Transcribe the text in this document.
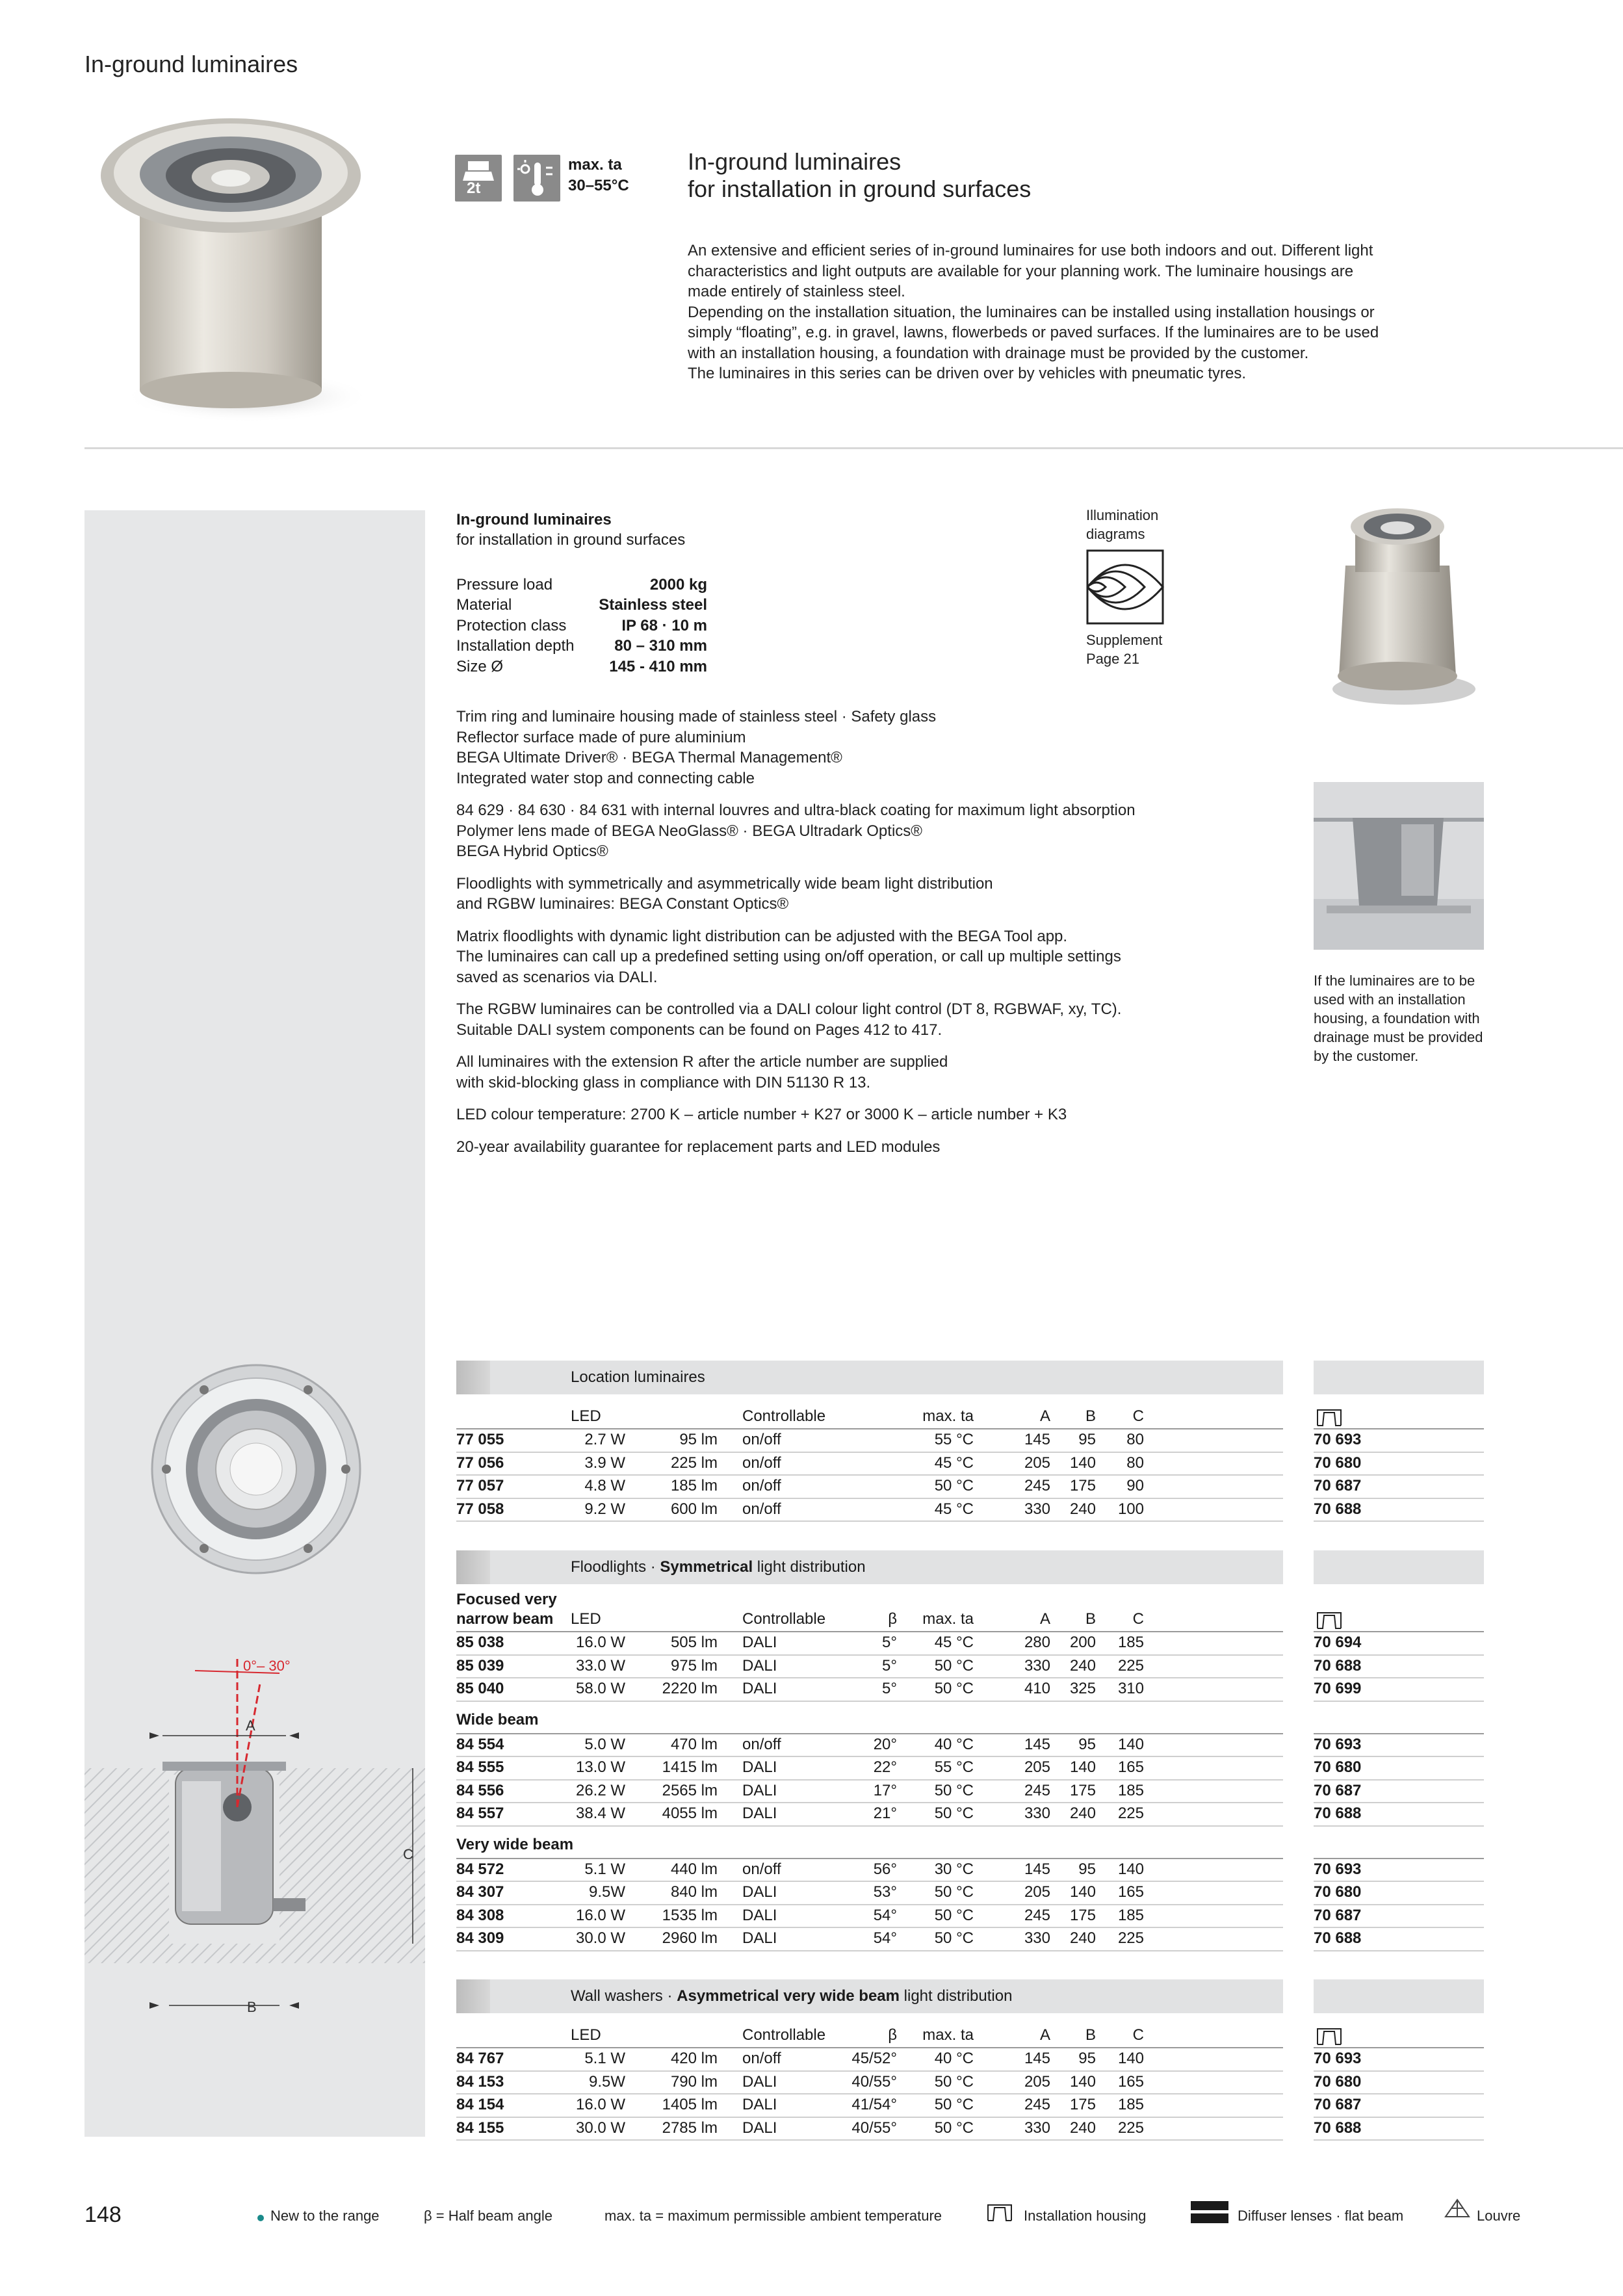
In-ground luminaires
2t
max. ta
30–55°C
In-ground luminaires
for installation in ground surfaces

An extensive and efficient series of in-ground luminaires for use both indoors and out. Different light

characteristics and light outputs are available for your planning work. The luminaire housings are

made entirely of stainless steel.

Depending on the installation situation, the luminaires can be installed using installation housings or

simply “floating”, e.g. in gravel, lawns, flowerbeds or paved surfaces. If the luminaires are to be used

with an installation housing, a foundation with drainage must be provided by the customer.

The luminaires in this series can be driven over by vehicles with pneumatic tyres.

0°– 30°
A
B
C
In-ground luminaires
for installation in ground surfaces
Pressure load	2000 kg
Material	Stainless steel
Protection class	IP 68 · 10 m
Installation depth	80 – 310 mm
Size Ø	145 - 410 mm
Illumination
diagrams
Supplement
Page 21
If the luminaires are to be
used with an installation
housing, a foundation with
drainage must be provided
by the customer.

Trim ring and luminaire housing made of stainless steel · Safety glass
Reflector surface made of pure aluminium
BEGA Ultimate Driver® · BEGA Thermal Management®
Integrated water stop and connecting cable

84 629 · 84 630 · 84 631 with internal louvres and ultra-black coating for maximum light absorption
Polymer lens made of BEGA NeoGlass® · BEGA Ultradark Optics®
BEGA Hybrid Optics®

Floodlights with symmetrically and asymmetrically wide beam light distribution
and RGBW luminaires: BEGA Constant Optics®

Matrix floodlights with dynamic light distribution can be adjusted with the BEGA Tool app.
The luminaires can call up a predefined setting using on/off operation, or call up multiple settings
saved as scenarios via DALI.

The RGBW luminaires can be controlled via a DALI colour light control (DT 8, RGBWAF, xy, TC).
Suitable DALI system components can be found on Pages 412 to 417.

All luminaires with the extension R after the article number are supplied
with skid-blocking glass in compliance with DIN 51130 R 13.

LED colour temperature: 2700 K – article number + K27 or 3000 K – article number + K3

20-year availability guarantee for replacement parts and LED modules

Location luminaires
LED	Controllable	max. ta	A B C
77 055	2.7 W	95 lm on/off	55 °C	145 95 80	70 693
77 056	3.9 W	225 lm on/off	45 °C	205 140 80	70 680
77 057	4.8 W	185 lm on/off	50 °C	245 175 90	70 687
77 058	9.2 W	600 lm on/off	45 °C	330 240 100	70 688
Floodlights · Symmetrical light distribution
Focused very
narrow beam LED	Controllable	β max. ta	A B C
85 038	16.0 W	505 lm DALI	5° 45 °C	280 200 185	70 694
85 039	33.0 W	975 lm DALI	5° 50 °C	330 240 225	70 688
85 040	58.0 W 2220 lm DALI	5° 50 °C	410 325 310	70 699
Wide beam
84 554	5.0 W	470 lm on/off	20° 40 °C	145 95 140	70 693
84 555	13.0 W 1415 lm DALI	22° 55 °C	205 140 165	70 680
84 556	26.2 W 2565 lm DALI	17° 50 °C	245 175 185	70 687
84 557	38.4 W 4055 lm DALI	21° 50 °C	330 240 225	70 688
Very wide beam
84 572	5.1 W	440 lm on/off	56° 30 °C	145 95 140	70 693
84 307	9.5W	840 lm DALI	53° 50 °C	205 140 165	70 680
84 308	16.0 W 1535 lm DALI	54° 50 °C	245 175 185	70 687
84 309	30.0 W 2960 lm DALI	54° 50 °C	330 240 225	70 688
Wall washers · Asymmetrical very wide beam light distribution
LED	Controllable	β max. ta	A B C
84 767	5.1 W	420 lm on/off	45/52° 40 °C	145 95 140	70 693
84 153	9.5W	790 lm DALI	40/55° 50 °C	205 140 165	70 680
84 154	16.0 W 1405 lm DALI	41/54° 50 °C	245 175 185	70 687
84 155	30.0 W 2785 lm DALI	40/55° 50 °C	330 240 225	70 688
148	New to the range	β = Half beam angle	max. ta = maximum permissible ambient temperature	Installation housing	Diffuser lenses · flat beam	Louvre
